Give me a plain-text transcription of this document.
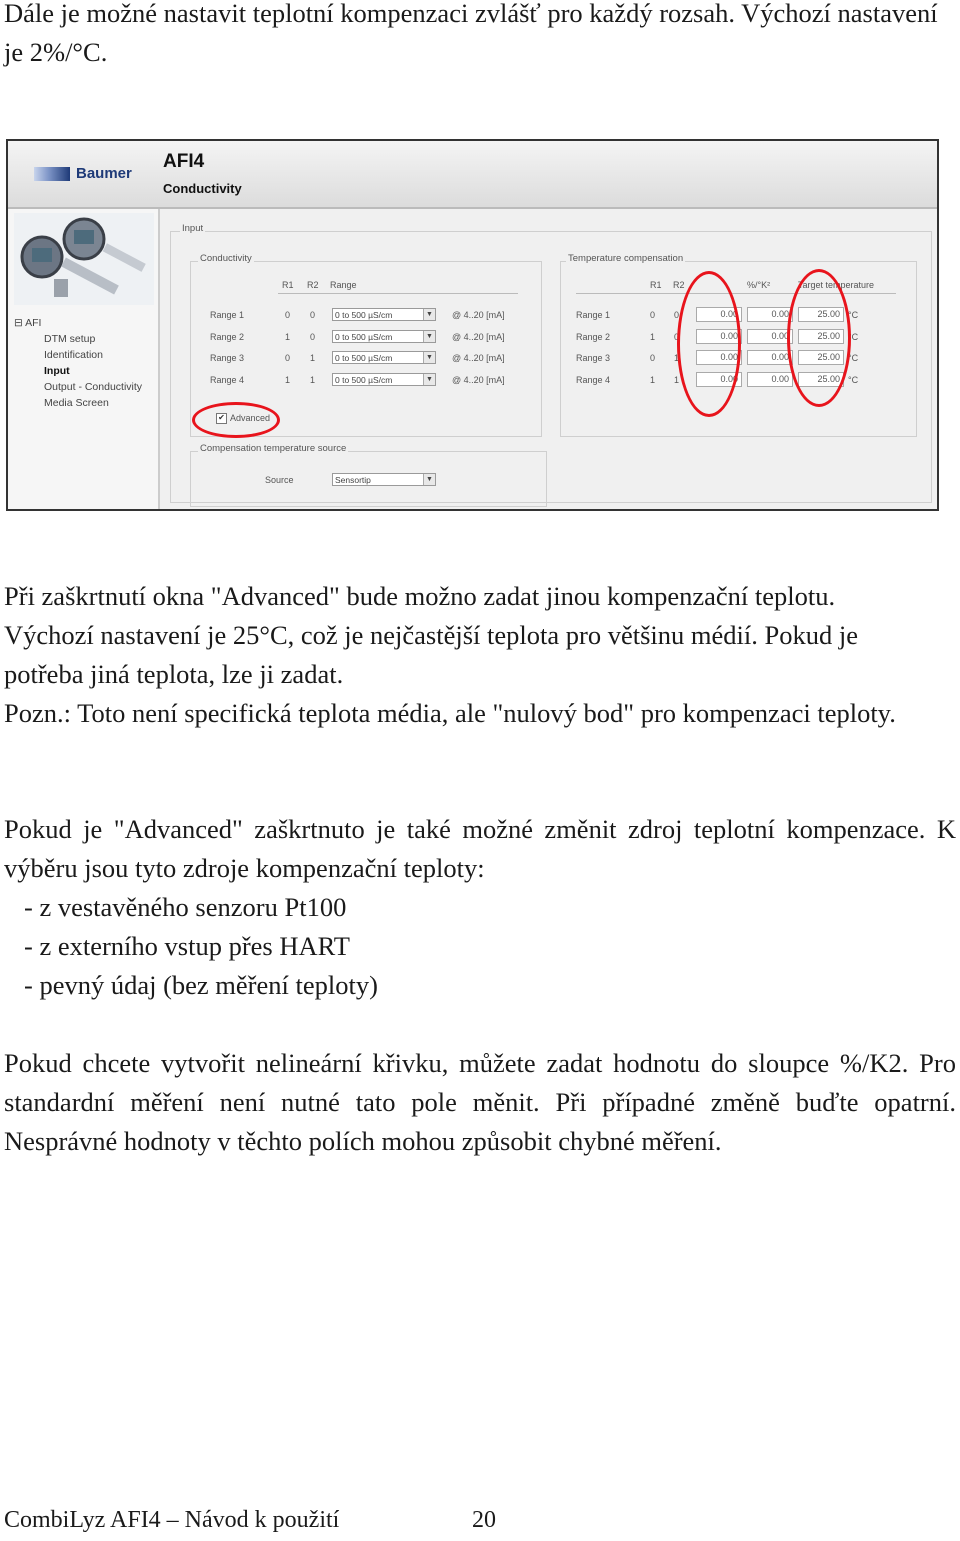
Dále je možné nastavit teplotní kompenzaci zvlášť pro každý rozsah. Výchozí nastavení je 2%/°C.

Baumer
AFI4
Conductivity
⊟ AFI
DTM setup
Identification
Input
Output - Conductivity
Media Screen
Input
Conductivity
R1 R2 Range
Range 1	0 0	0 to 500 µS/cm	▼ @ 4..20 [mA]
Range 2	1 0	0 to 500 µS/cm	▼ @ 4..20 [mA]
Range 3	0 1	0 to 500 µS/cm	▼ @ 4..20 [mA]
Range 4	1 1	0 to 500 µS/cm	▼ @ 4..20 [mA]
Temperature compensation
R1 R2	%/°K²	Target temperature
Range 1	0 0	0.00	0.00	25.00 °C
Range 2	1 0	0.00	0.00	25.00 °C
Range 3	0 1	0.00	0.00	25.00 °C
Range 4	1 1	0.00	0.00	25.00 °C
✔ Advanced
Compensation temperature source
Source	Sensortip	▼

Při zaškrtnutí okna "Advanced" bude možno zadat jinou kompenzační teplotu.

Výchozí nastavení je 25°C, což je nejčastější teplota pro většinu médií. Pokud je

potřeba jiná teplota, lze ji zadat.

Pozn.: Toto není specifická teplota média, ale "nulový bod" pro kompenzaci teploty.

Pokud je "Advanced" zaškrtnuto je také možné změnit zdroj teplotní kompenzace. K výběru jsou tyto zdroje kompenzační teploty:

- z vestavěného senzoru Pt100

- z externího vstup přes HART

- pevný údaj (bez měření teploty)

Pokud chcete vytvořit nelineární křivku, můžete zadat hodnotu do sloupce %/K2. Pro standardní měření není nutné tato pole měnit. Při případné změně buďte opatrní. Nesprávné hodnoty v těchto polích mohou způsobit chybné měření.

CombiLyz AFI4 – Návod k použití	20
